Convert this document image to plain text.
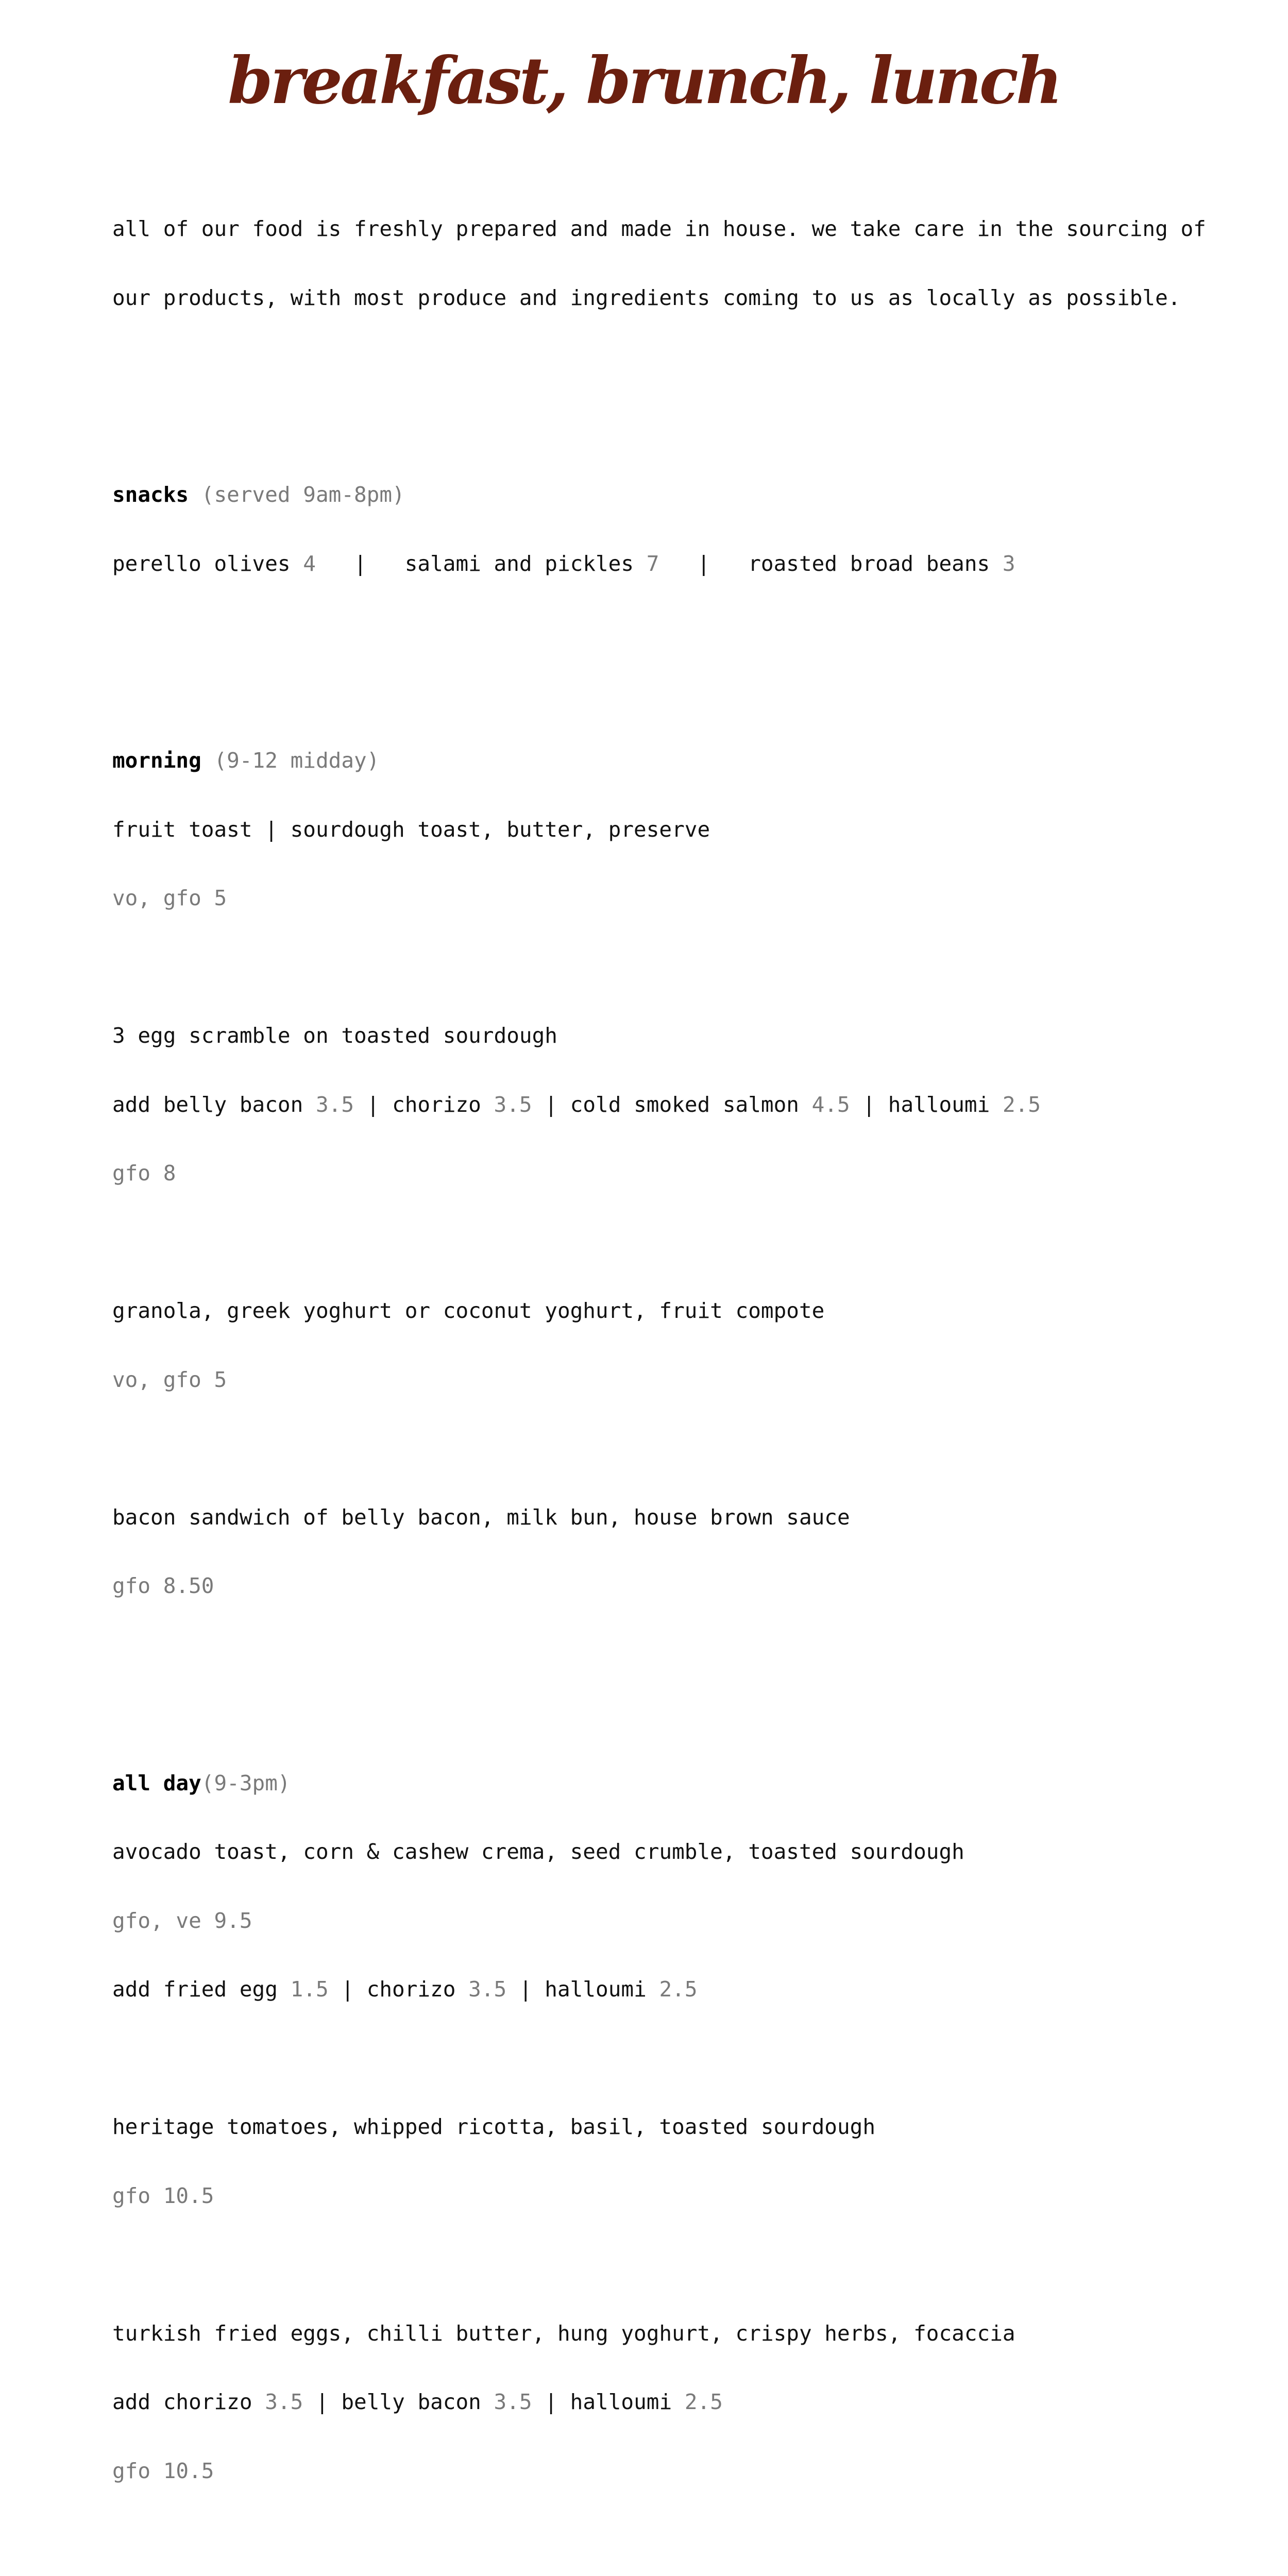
breakfast, brunch, lunch

all of our food is freshly prepared and made in house. we take care in the sourcing of

our products, with most produce and ingredients coming to us as locally as possible.

snacks (served 9am-8pm)

perello olives 4   |   salami and pickles 7   |   roasted broad beans 3

morning (9-12 midday)

fruit toast | sourdough toast, butter, preserve

vo, gfo 5

3 egg scramble on toasted sourdough

add belly bacon 3.5 | chorizo 3.5 | cold smoked salmon 4.5 | halloumi 2.5

gfo 8

granola, greek yoghurt or coconut yoghurt, fruit compote

vo, gfo 5

bacon sandwich of belly bacon, milk bun, house brown sauce

gfo 8.50

all day(9-3pm)

avocado toast, corn & cashew crema, seed crumble, toasted sourdough

gfo, ve 9.5

add fried egg 1.5 | chorizo 3.5 | halloumi 2.5

heritage tomatoes, whipped ricotta, basil, toasted sourdough

gfo 10.5

turkish fried eggs, chilli butter, hung yoghurt, crispy herbs, focaccia

add chorizo 3.5 | belly bacon 3.5 | halloumi 2.5

gfo 10.5
